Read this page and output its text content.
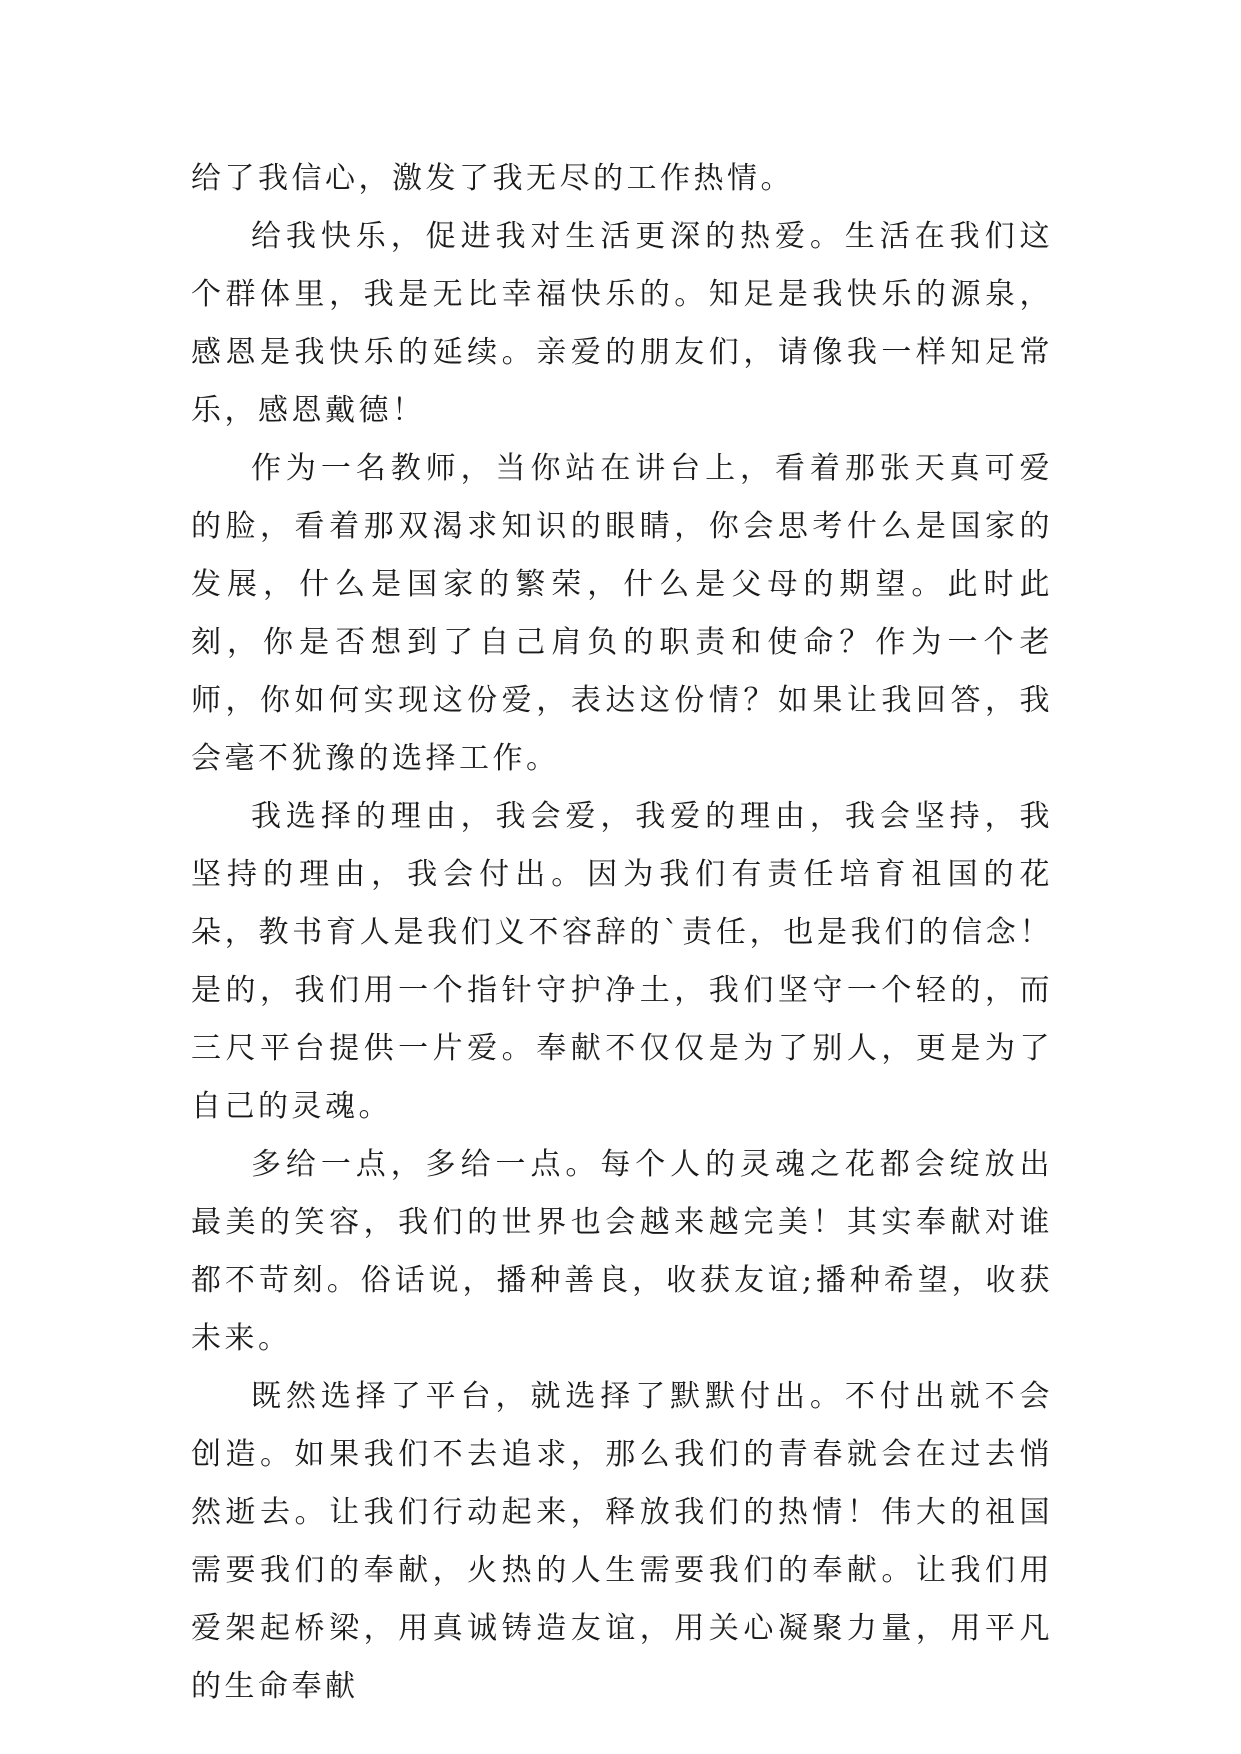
给了我信心，激发了我无尽的工作热情。

给我快乐，促进我对生活更深的热爱。生活在我们这个群体里，我是无比幸福快乐的。知足是我快乐的源泉，感恩是我快乐的延续。亲爱的朋友们，请像我一样知足常乐，感恩戴德！

作为一名教师，当你站在讲台上，看着那张天真可爱的脸，看着那双渴求知识的眼睛，你会思考什么是国家的发展，什么是国家的繁荣，什么是父母的期望。此时此刻，你是否想到了自己肩负的职责和使命？作为一个老师，你如何实现这份爱，表达这份情？如果让我回答，我会毫不犹豫的选择工作。

我选择的理由，我会爱，我爱的理由，我会坚持，我坚持的理由，我会付出。因为我们有责任培育祖国的花朵，教书育人是我们义不容辞的`责任，也是我们的信念！是的，我们用一个指针守护净土，我们坚守一个轻的，而三尺平台提供一片爱。奉献不仅仅是为了别人，更是为了自己的灵魂。

多给一点，多给一点。每个人的灵魂之花都会绽放出最美的笑容，我们的世界也会越来越完美！其实奉献对谁都不苛刻。俗话说，播种善良，收获友谊;播种希望，收获未来。

既然选择了平台，就选择了默默付出。不付出就不会创造。如果我们不去追求，那么我们的青春就会在过去悄然逝去。让我们行动起来，释放我们的热情！伟大的祖国需要我们的奉献，火热的人生需要我们的奉献。让我们用爱架起桥梁，用真诚铸造友谊，用关心凝聚力量，用平凡的生命奉献
